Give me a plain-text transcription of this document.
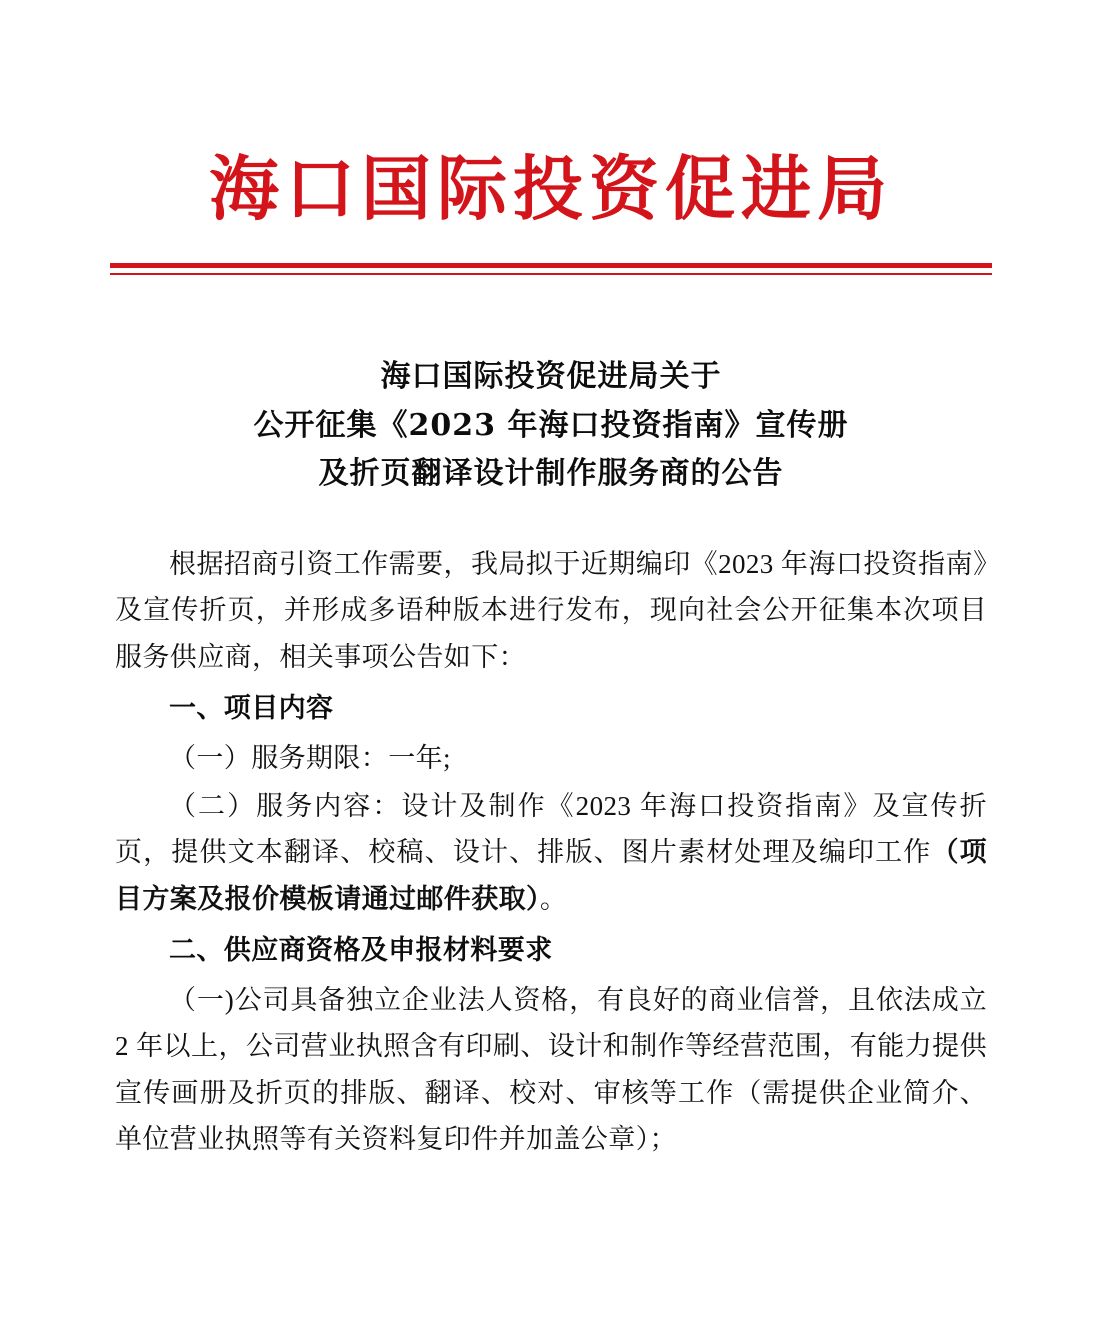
海口国际投资促进局
海口国际投资促进局关于
公开征集《2023 年海口投资指南》宣传册
及折页翻译设计制作服务商的公告

根据招商引资工作需要，我局拟于近期编印《2023 年海口投资指南》及宣传折页，并形成多语种版本进行发布，现向社会公开征集本次项目服务供应商，相关事项公告如下：

一、项目内容

（一）服务期限：一年;

（二）服务内容：设计及制作《2023 年海口投资指南》及宣传折页，提供文本翻译、校稿、设计、排版、图片素材处理及编印工作（项目方案及报价模板请通过邮件获取）。

二、供应商资格及申报材料要求

（一)公司具备独立企业法人资格，有良好的商业信誉，且依法成立 2 年以上，公司营业执照含有印刷、设计和制作等经营范围，有能力提供宣传画册及折页的排版、翻译、校对、审核等工作（需提供企业简介、单位营业执照等有关资料复印件并加盖公章）；
